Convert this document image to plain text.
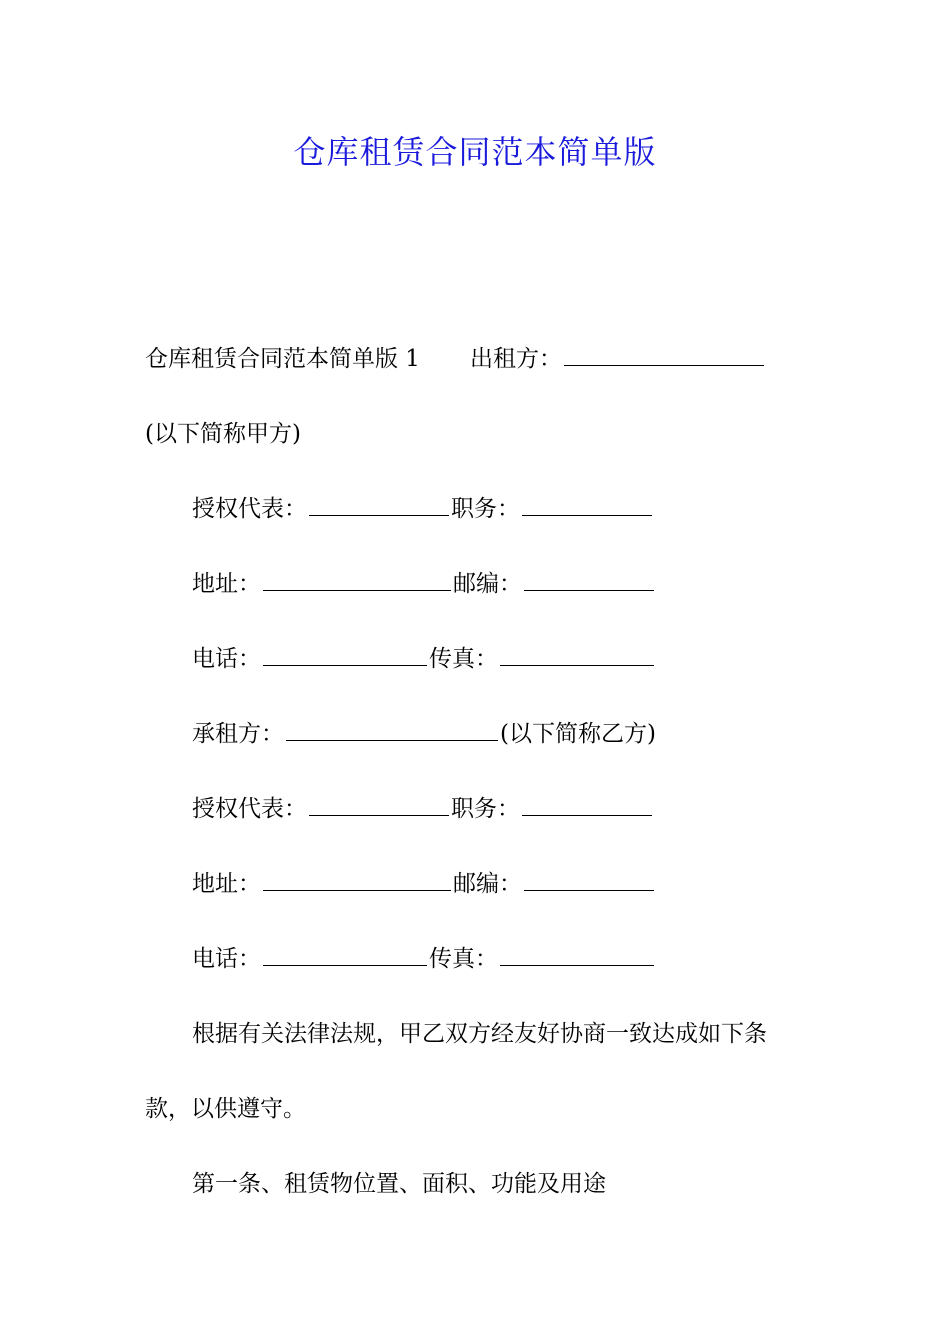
仓库租赁合同范本简单版
仓库租赁合同范本简单版 1 出租方：
(以下简称甲方)
授权代表：	职务：
地址：	邮编：
电话：	传真：
承租方：	(以下简称乙方)
授权代表：	职务：
地址：	邮编：
电话：	传真：
根据有关法律法规，甲乙双方经友好协商一致达成如下条
款，以供遵守。
第一条、租赁物位置、面积、功能及用途
